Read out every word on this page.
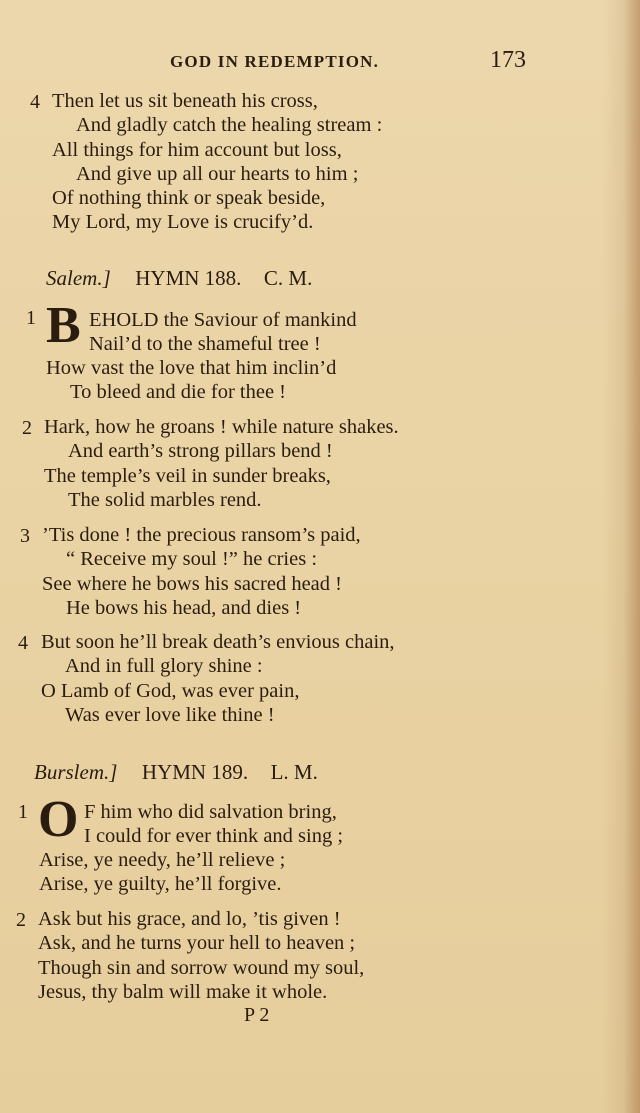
GOD IN REDEMPTION.	173
4 Then let us sit beneath his cross,
And gladly catch the healing stream :
All things for him account but loss,
And give up all our hearts to him ;
Of nothing think or speak beside,
My Lord, my Love is crucify’d.
Salem.] HYMN 188. C. M.
1 B EHOLD the Saviour of mankind
Nail’d to the shameful tree !
How vast the love that him inclin’d
To bleed and die for thee !
2 Hark, how he groans ! while nature shakes.
And earth’s strong pillars bend !
The temple’s veil in sunder breaks,
The solid marbles rend.
3 ’Tis done ! the precious ransom’s paid,
“ Receive my soul !” he cries :
See where he bows his sacred head !
He bows his head, and dies !
4 But soon he’ll break death’s envious chain,
And in full glory shine :
O Lamb of God, was ever pain,
Was ever love like thine !
Burslem.] HYMN 189. L. M.
1 O F him who did salvation bring,
I could for ever think and sing ;
Arise, ye needy, he’ll relieve ;
Arise, ye guilty, he’ll forgive.
2 Ask but his grace, and lo, ’tis given !
Ask, and he turns your hell to heaven ;
Though sin and sorrow wound my soul,
Jesus, thy balm will make it whole.
P 2
